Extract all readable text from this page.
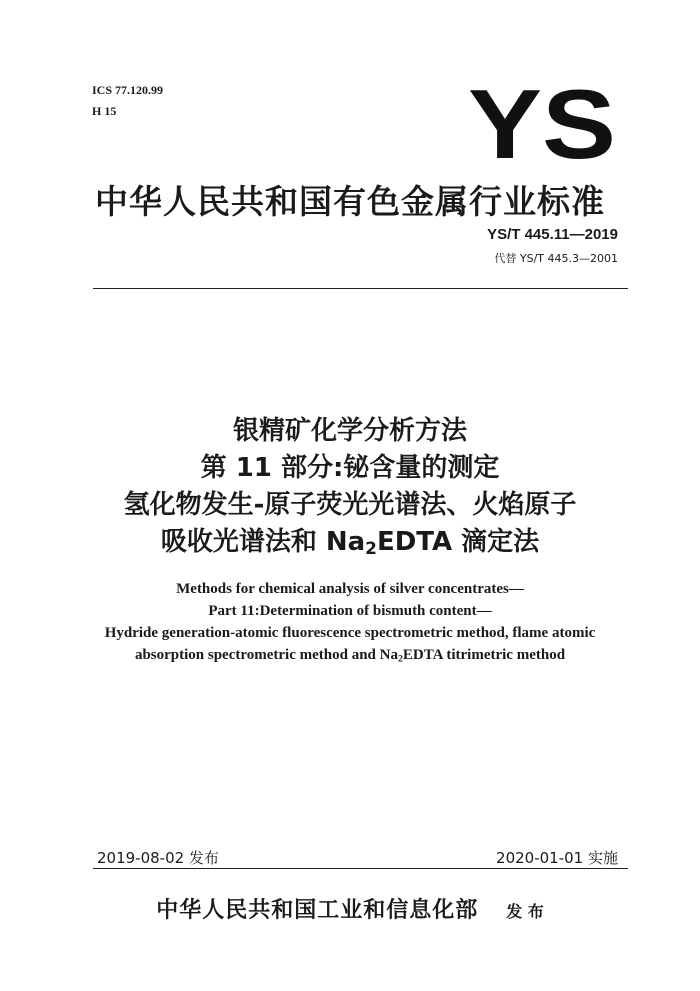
ICS 77.120.99
H 15	YS
中华人民共和国有色金属行业标准
YS/T 445.11—2019
代替 YS/T 445.3—2001
银精矿化学分析方法
第 11 部分:铋含量的测定
氢化物发生-原子荧光光谱法、火焰原子
吸收光谱法和 $Na_2EDTA$ 滴定法
Methods for chemical analysis of silver concentrates—
Part 11:Determination of bismuth content—
Hydride generation-atomic fluorescence spectrometric method, flame atomic
absorption spectrometric method and $Na_2EDTA$ titrimetric method
2019-08-02 发布	2020-01-01 实施
中华人民共和国工业和信息化部 发 布
